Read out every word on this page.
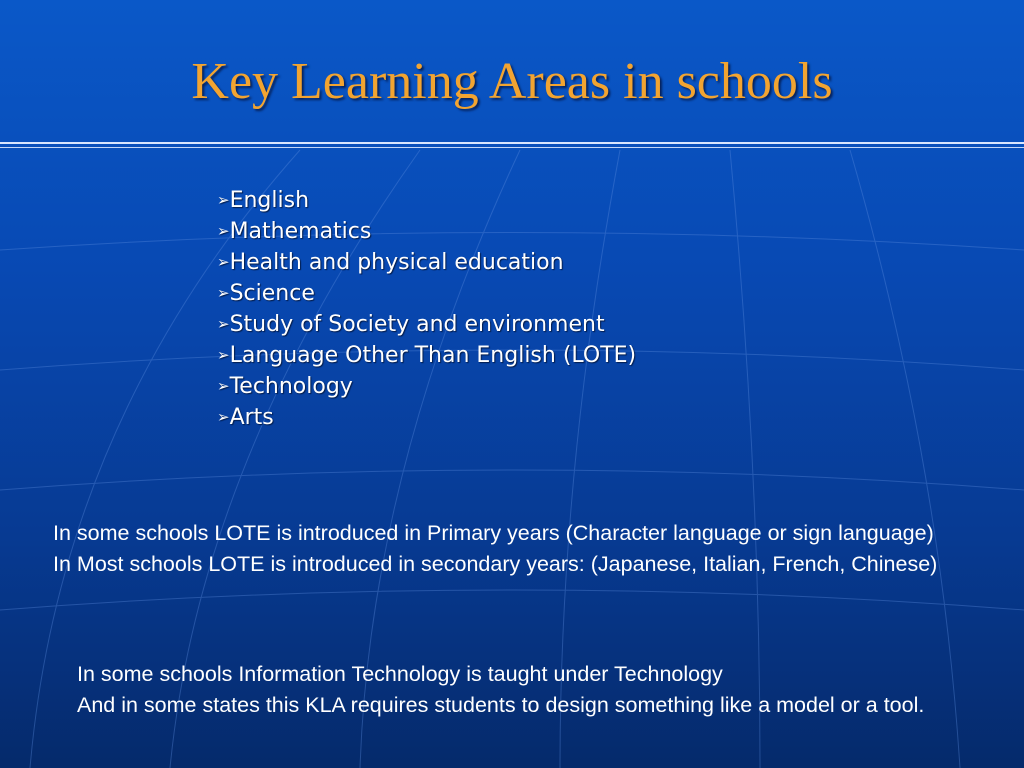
Key Learning Areas in schools
➢English
➢Mathematics
➢Health and physical education
➢Science
➢Study of Society and environment
➢Language Other Than English (LOTE)
➢Technology
➢Arts

In some schools LOTE is introduced in Primary years (Character language or sign language)

In Most schools LOTE is introduced in secondary years: (Japanese, Italian, French, Chinese)

In some schools Information Technology is taught under Technology

And in some states this KLA requires students to design something like a model or a tool.
